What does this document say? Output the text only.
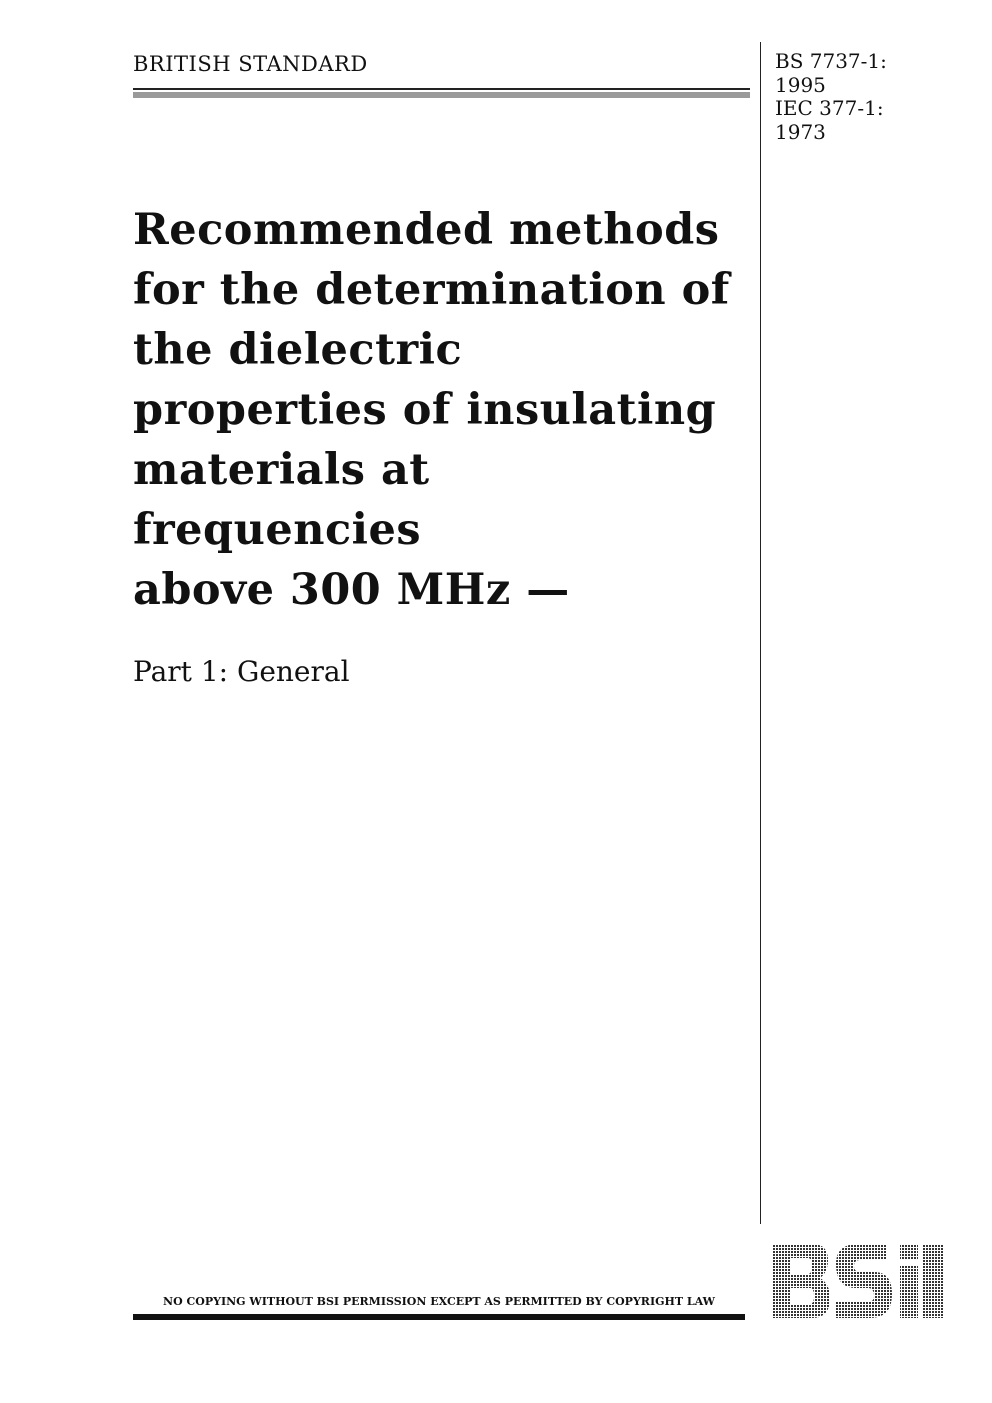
BRITISH STANDARD	BS 7737-1:
1995
IEC 377-1:
1973
Recommended methods
for the determination of
the dielectric
properties of insulating
materials at
frequencies
above 300 MHz —
Part 1: General
NO COPYING WITHOUT BSI PERMISSION EXCEPT AS PERMITTED BY COPYRIGHT LAW
